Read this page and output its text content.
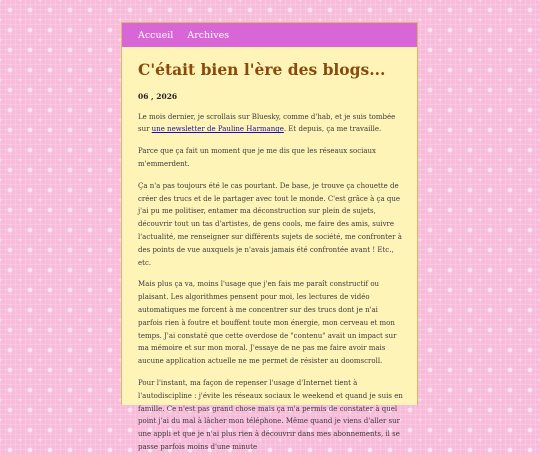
Accueil Archives
C'était bien l'ère des blogs...
06 , 2026

Le mois dernier, je scrollais sur Bluesky, comme d'hab, et je suis tombée sur une newsletter de Pauline Harmange. Et depuis, ça me travaille.

Parce que ça fait un moment que je me dis que les réseaux sociaux m'emmerdent.

Ça n'a pas toujours été le cas pourtant. De base, je trouve ça chouette de créer des trucs et de le partager avec tout le monde. C'est grâce à ça que j'ai pu me politiser, entamer ma déconstruction sur plein de sujets, découvrir tout un tas d'artistes, de gens cools, me faire des amis, suivre l'actualité, me renseigner sur différents sujets de société, me confronter à des points de vue auxquels je n'avais jamais été confrontée avant ! Etc., etc.

Mais plus ça va, moins l'usage que j'en fais me paraît constructif ou plaisant. Les algorithmes pensent pour moi, les lectures de vidéo automatiques me forcent à me concentrer sur des trucs dont je n'ai parfois rien à foutre et bouffent toute mon énergie, mon cerveau et mon temps. J'ai constaté que cette overdose de "contenu" avait un impact sur ma mémoire et sur mon moral. J'essaye de ne pas me faire avoir mais aucune application actuelle ne me permet de résister au doomscroll.

Pour l'instant, ma façon de repenser l'usage d'Internet tient à l'autodiscipline : j'évite les réseaux sociaux le weekend et quand je suis en famille. Ce n'est pas grand chose mais ça m'a permis de constater à quel point j'ai du mal à lâcher mon téléphone. Même quand je viens d'aller sur une appli et que je n'ai plus rien à découvrir dans mes abonnements, il se passe parfois moins d'une minute
